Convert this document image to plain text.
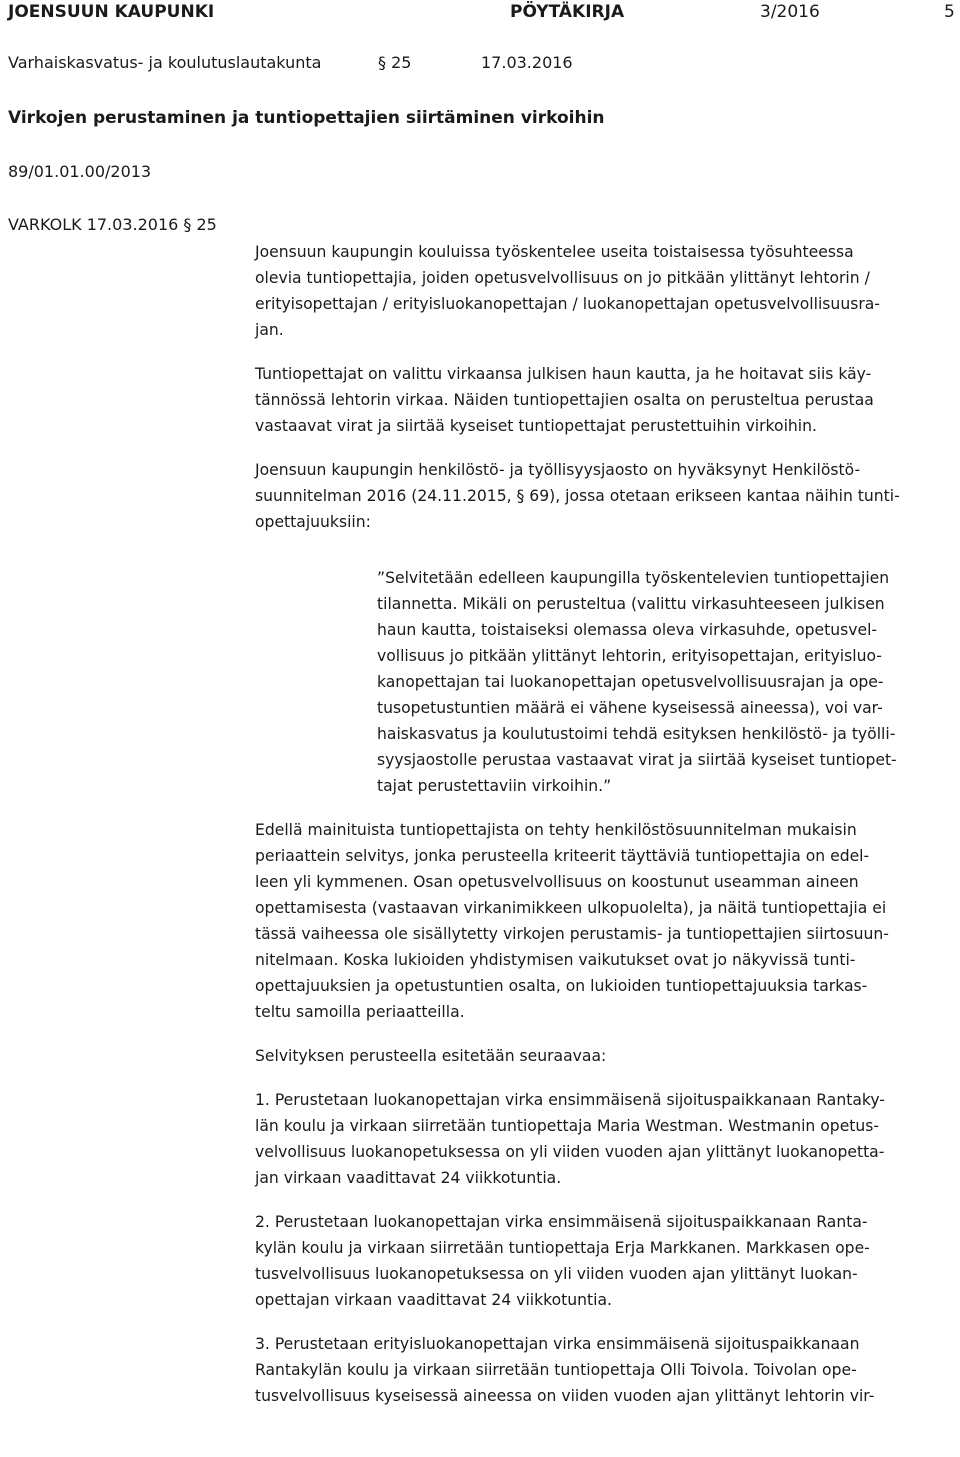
JOENSUUN KAUPUNKI	PÖYTÄKIRJA	3/2016	5
Varhaiskasvatus- ja koulutuslautakunta	§ 25	17.03.2016
Virkojen perustaminen ja tuntiopettajien siirtäminen virkoihin
89/01.01.00/2013
VARKOLK 17.03.2016 § 25

Joensuun kaupungin kouluissa työskentelee useita toistaisessa työsuhteessa
olevia tuntiopettajia, joiden opetusvelvollisuus on jo pitkään ylittänyt lehtorin /
erityisopettajan / erityisluokanopettajan / luokanopettajan opetusvelvollisuusra-
jan.

Tuntiopettajat on valittu virkaansa julkisen haun kautta, ja he hoitavat siis käy-
tännössä lehtorin virkaa. Näiden tuntiopettajien osalta on perusteltua perustaa
vastaavat virat ja siirtää kyseiset tuntiopettajat perustettuihin virkoihin.

Joensuun kaupungin henkilöstö- ja työllisyysjaosto on hyväksynyt Henkilöstö-
suunnitelman 2016 (24.11.2015, § 69), jossa otetaan erikseen kantaa näihin tunti-
opettajuuksiin:

”Selvitetään edelleen kaupungilla työskentelevien tuntiopettajien
tilannetta. Mikäli on perusteltua (valittu virkasuhteeseen julkisen
haun kautta, toistaiseksi olemassa oleva virkasuhde, opetusvel-
vollisuus jo pitkään ylittänyt lehtorin, erityisopettajan, erityisluo-
kanopettajan tai luokanopettajan opetusvelvollisuusrajan ja ope-
tusopetustuntien määrä ei vähene kyseisessä aineessa), voi var-
haiskasvatus ja koulutustoimi tehdä esityksen henkilöstö- ja työlli-
syysjaostolle perustaa vastaavat virat ja siirtää kyseiset tuntiopet-
tajat perustettaviin virkoihin.”

Edellä mainituista tuntiopettajista on tehty henkilöstösuunnitelman mukaisin
periaattein selvitys, jonka perusteella kriteerit täyttäviä tuntiopettajia on edel-
leen yli kymmenen. Osan opetusvelvollisuus on koostunut useamman aineen
opettamisesta (vastaavan virkanimikkeen ulkopuolelta), ja näitä tuntiopettajia ei
tässä vaiheessa ole sisällytetty virkojen perustamis- ja tuntiopettajien siirtosuun-
nitelmaan. Koska lukioiden yhdistymisen vaikutukset ovat jo näkyvissä tunti-
opettajuuksien ja opetustuntien osalta, on lukioiden tuntiopettajuuksia tarkas-
teltu samoilla periaatteilla.

Selvityksen perusteella esitetään seuraavaa:

1. Perustetaan luokanopettajan virka ensimmäisenä sijoituspaikkanaan Rantaky-
län koulu ja virkaan siirretään tuntiopettaja Maria Westman. Westmanin opetus-
velvollisuus luokanopetuksessa on yli viiden vuoden ajan ylittänyt luokanopetta-
jan virkaan vaadittavat 24 viikkotuntia.

2. Perustetaan luokanopettajan virka ensimmäisenä sijoituspaikkanaan Ranta-
kylän koulu ja virkaan siirretään tuntiopettaja Erja Markkanen. Markkasen ope-
tusvelvollisuus luokanopetuksessa on yli viiden vuoden ajan ylittänyt luokan-
opettajan virkaan vaadittavat 24 viikkotuntia.

3. Perustetaan erityisluokanopettajan virka ensimmäisenä sijoituspaikkanaan
Rantakylän koulu ja virkaan siirretään tuntiopettaja Olli Toivola. Toivolan ope-
tusvelvollisuus kyseisessä aineessa on viiden vuoden ajan ylittänyt lehtorin vir-
